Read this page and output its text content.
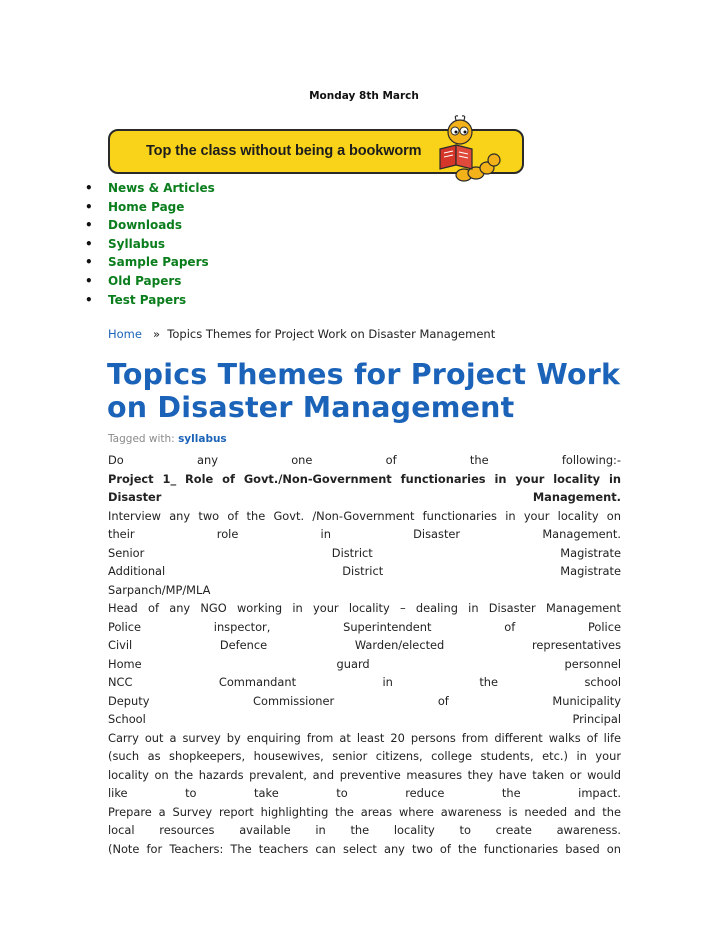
Monday 8th March
Top the class without being a bookworm
• News & Articles
• Home Page
• Downloads
• Syllabus
• Sample Papers
• Old Papers
• Test Papers
Home » Topics Themes for Project Work on Disaster Management
Topics Themes for Project Work on Disaster Management
Tagged with: syllabus
Do any one of the following:-
Project 1_ Role of Govt./Non-Government functionaries in your locality in
Disaster Management.
Interview any two of the Govt. /Non-Government functionaries in your locality on
their role in Disaster Management.
Senior District Magistrate
Additional District Magistrate
Sarpanch/MP/MLA
Head of any NGO working in your locality – dealing in Disaster Management
Police inspector, Superintendent of Police
Civil Defence Warden/elected representatives
Home guard personnel
NCC Commandant in the school
Deputy Commissioner of Municipality
School Principal
Carry out a survey by enquiring from at least 20 persons from different walks of life
(such as shopkeepers, housewives, senior citizens, college students, etc.) in your
locality on the hazards prevalent, and preventive measures they have taken or would
like to take to reduce the impact.
Prepare a Survey report highlighting the areas where awareness is needed and the
local resources available in the locality to create awareness.
(Note for Teachers: The teachers can select any two of the functionaries based on
